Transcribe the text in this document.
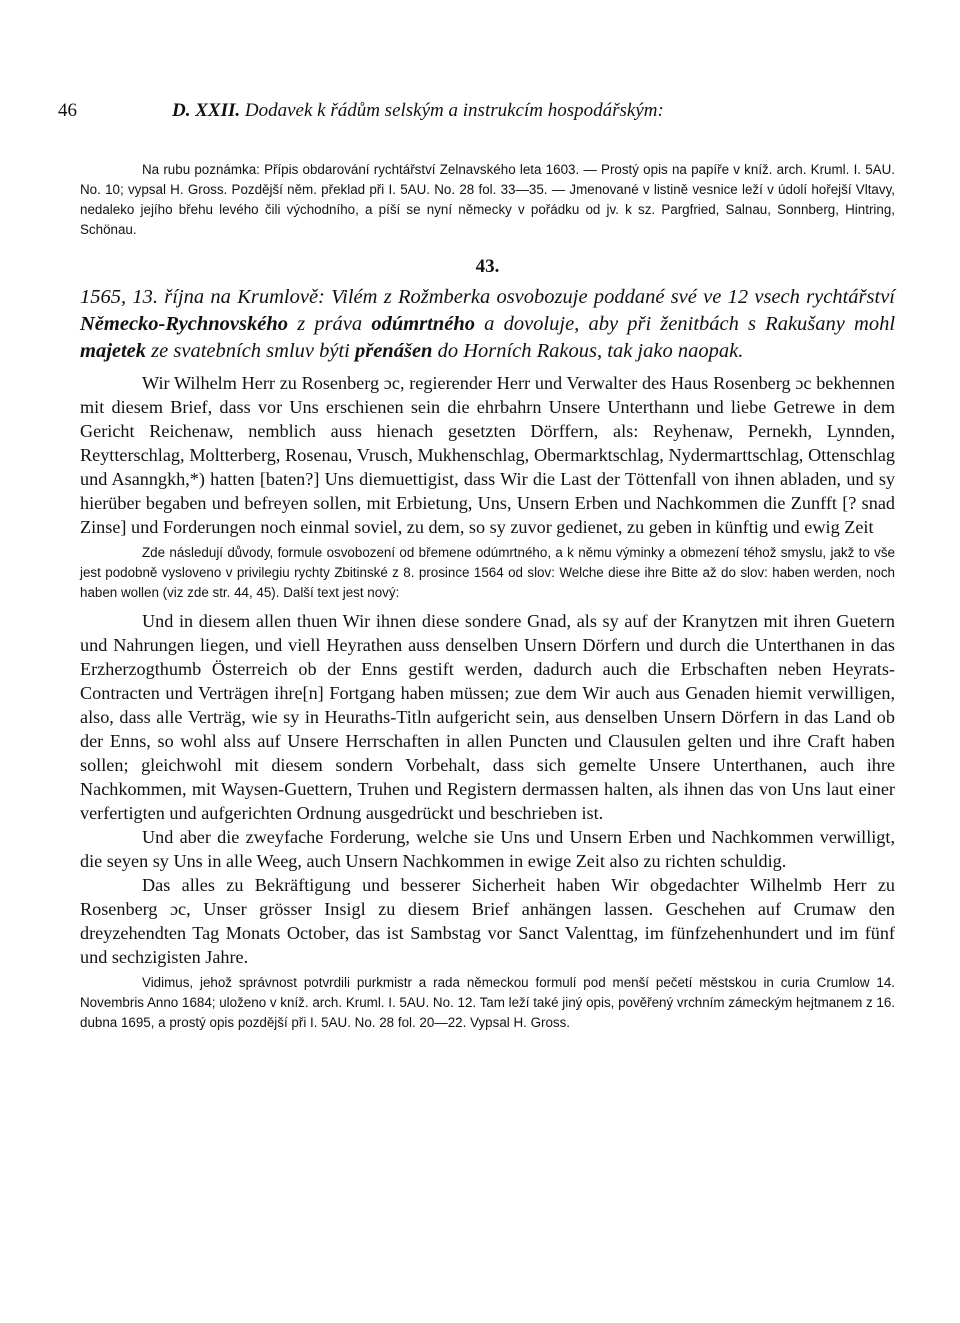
46	D. XXII. Dodavek k řádům selským a instrukcím hospodářským:

Na rubu poznámka: Přípis obdarování rychtářství Zelnavského leta 1603. — Prostý opis na papíře v kníž. arch. Kruml. I. 5AU. No. 10; vypsal H. Gross. Pozdější něm. překlad při I. 5AU. No. 28 fol. 33—35. — Jmenované v listině vesnice leží v údolí hořejší Vltavy, nedaleko jejího břehu levého čili východního, a píší se nyní německy v pořádku od jv. k sz. Pargfried, Salnau, Sonnberg, Hintring, Schönau.

43.

1565, 13. října na Krumlově: Vilém z Rožmberka osvobozuje poddané své ve 12 vsech rychtářství Německo-Rychnovského z práva odúmrtného a dovoluje, aby při ženitbách s Rakušany mohl majetek ze svatebních smluv býti přenášen do Horních Rakous, tak jako naopak.

Wir Wilhelm Herr zu Rosenberg ɔc, regierender Herr und Verwalter des Haus Rosenberg ɔc bekhennen mit diesem Brief, dass vor Uns erschienen sein die ehrbahrn Unsere Unterthann und liebe Getrewe in dem Gericht Reichenaw, nemblich auss hienach gesetzten Dörffern, als: Reyhenaw, Pernekh, Lynnden, Reytterschlag, Moltterberg, Rosenau, Vrusch, Mukhenschlag, Obermarktschlag, Nydermarttschlag, Ottenschlag und Asanngkh,*) hatten [baten?] Uns diemuettigist, dass Wir die Last der Töttenfall von ihnen abladen, und sy hierüber begaben und befreyen sollen, mit Erbietung, Uns, Unsern Erben und Nachkommen die Zunfft [? snad Zinse] und Forderungen noch einmal soviel, zu dem, so sy zuvor gedienet, zu geben in künftig und ewig Zeit

Zde následují důvody, formule osvobození od břemene odúmrtného, a k němu výminky a obmezení téhož smyslu, jakž to vše jest podobně vysloveno v privilegiu rychty Zbitinské z 8. prosince 1564 od slov: Welche diese ihre Bitte až do slov: haben werden, noch haben wollen (viz zde str. 44, 45). Další text jest nový:

Und in diesem allen thuen Wir ihnen diese sondere Gnad, als sy auf der Kranytzen mit ihren Guetern und Nahrungen liegen, und viell Heyrathen auss denselben Unsern Dörfern und durch die Unterthanen in das Erzherzogthumb Österreich ob der Enns gestift werden, dadurch auch die Erbschaften neben Heyrats-Contracten und Verträgen ihre[n] Fortgang haben müssen; zue dem Wir auch aus Genaden hiemit verwilligen, also, dass alle Verträg, wie sy in Heuraths-Titln aufgericht sein, aus denselben Unsern Dörfern in das Land ob der Enns, so wohl alss auf Unsere Herrschaften in allen Puncten und Clausulen gelten und ihre Craft haben sollen; gleichwohl mit diesem sondern Vorbehalt, dass sich gemelte Unsere Unterthanen, auch ihre Nachkommen, mit Waysen-Guettern, Truhen und Registern dermassen halten, als ihnen das von Uns laut einer verfertigten und aufgerichten Ordnung ausgedrückt und beschrieben ist.

Und aber die zweyfache Forderung, welche sie Uns und Unsern Erben und Nachkommen verwilligt, die seyen sy Uns in alle Weeg, auch Unsern Nachkommen in ewige Zeit also zu richten schuldig.

Das alles zu Bekräftigung und besserer Sicherheit haben Wir obgedachter Wilhelmb Herr zu Rosenberg ɔc, Unser grösser Insigl zu diesem Brief anhängen lassen. Geschehen auf Crumaw den dreyzehendten Tag Monats October, das ist Sambstag vor Sanct Valenttag, im fünfzehenhundert und im fünf und sechzigisten Jahre.

Vidimus, jehož správnost potvrdili purkmistr a rada německou formulí pod menší pečetí městskou in curia Crumlow 14. Novembris Anno 1684; uloženo v kníž. arch. Kruml. I. 5AU. No. 12. Tam leží také jiný opis, pověřený vrchním zámeckým hejtmanem z 16. dubna 1695, a prostý opis pozdější při I. 5AU. No. 28 fol. 20—22. Vypsal H. Gross.
